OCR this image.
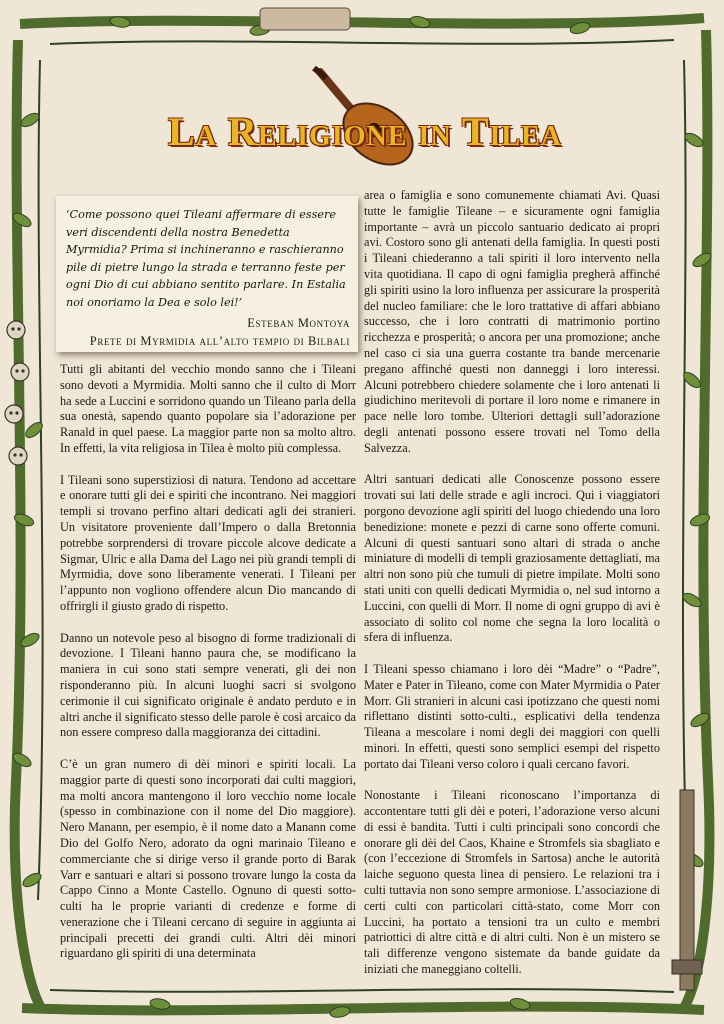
La Religione in Tilea

‘Come possono quei Tileani affermare di essere veri discendenti della nostra Benedetta Myrmidia? Prima si inchineranno e raschieranno pile di pietre lungo la strada e terranno feste per ogni Dio di cui abbiano sentito parlare. In Estalia noi onoriamo la Dea e solo lei!’

Esteban Montoya
Prete di Myrmidia all’alto tempio di Bilbali

Tutti gli abitanti del vecchio mondo sanno che i Tileani sono devoti a Myrmidia. Molti sanno che il culto di Morr ha sede a Luccini e sorridono quando un Tileano parla della sua onestà, sapendo quanto popolare sia l’adorazione per Ranald in quel paese. La maggior parte non sa molto altro. In effetti, la vita religiosa in Tilea è molto più complessa.

I Tileani sono superstiziosi di natura. Tendono ad accettare e onorare tutti gli dei e spiriti che incontrano. Nei maggiori templi si trovano perfino altari dedicati agli dei stranieri. Un visitatore proveniente dall’Impero o dalla Bretonnia potrebbe sorprendersi di trovare piccole alcove dedicate a Sigmar, Ulric e alla Dama del Lago nei più grandi templi di Myrmidia, dove sono liberamente venerati. I Tileani per l’appunto non vogliono offendere alcun Dio mancando di offrirgli il giusto grado di rispetto.

Danno un notevole peso al bisogno di forme tradizionali di devozione. I Tileani hanno paura che, se modificano la maniera in cui sono stati sempre venerati, gli dei non risponderanno più. In alcuni luoghi sacri si svolgono cerimonie il cui significato originale è andato perduto e in altri anche il significato stesso delle parole è così arcaico da non essere compreso dalla maggioranza dei cittadini.

C’è un gran numero di dèi minori e spiriti locali. La maggior parte di questi sono incorporati dai culti maggiori, ma molti ancora mantengono il loro vecchio nome locale (spesso in combinazione con il nome del Dio maggiore). Nero Manann, per esempio, è il nome dato a Manann come Dio del Golfo Nero, adorato da ogni marinaio Tileano e commerciante che si dirige verso il grande porto di Barak Varr e santuari e altari si possono trovare lungo la costa da Cappo Cinno a Monte Castello. Ognuno di questi sotto-culti ha le proprie varianti di credenze e forme di venerazione che i Tileani cercano di seguire in aggiunta ai principali precetti dei grandi culti. Altri dèi minori riguardano gli spiriti di una determinata

area o famiglia e sono comunemente chiamati Avi. Quasi tutte le famiglie Tileane – e sicuramente ogni famiglia importante – avrà un piccolo santuario dedicato ai propri avi. Costoro sono gli antenati della famiglia. In questi posti i Tileani chiederanno a tali spiriti il loro intervento nella vita quotidiana. Il capo di ogni famiglia pregherà affinché gli spiriti usino la loro influenza per assicurare la prosperità del nucleo familiare: che le loro trattative di affari abbiano successo, che i loro contratti di matrimonio portino ricchezza e prosperità; o ancora per una promozione; anche nel caso ci sia una guerra costante tra bande mercenarie pregano affinché questi non danneggi i loro interessi. Alcuni potrebbero chiedere solamente che i loro antenati li giudichino meritevoli di portare il loro nome e rimanere in pace nelle loro tombe. Ulteriori dettagli sull’adorazione degli antenati possono essere trovati nel Tomo della Salvezza.

Altri santuari dedicati alle Conoscenze possono essere trovati sui lati delle strade e agli incroci. Qui i viaggiatori porgono devozione agli spiriti del luogo chiedendo una loro benedizione: monete e pezzi di carne sono offerte comuni. Alcuni di questi santuari sono altari di strada o anche miniature di modelli di templi graziosamente dettagliati, ma altri non sono più che tumuli di pietre impilate. Molti sono stati uniti con quelli dedicati Myrmidia o, nel sud intorno a Luccini, con quelli di Morr. Il nome di ogni gruppo di avi è associato di solito col nome che segna la loro località o sfera di influenza.

I Tileani spesso chiamano i loro dèi “Madre” o “Padre”, Mater e Pater in Tileano, come con Mater Myrmidia o Pater Morr. Gli stranieri in alcuni casi ipotizzano che questi nomi riflettano distinti sotto-culti., esplicativi della tendenza Tileana a mescolare i nomi degli dei maggiori con quelli minori. In effetti, questi sono semplici esempi del rispetto portato dai Tileani verso coloro i quali cercano favori.

Nonostante i Tileani riconoscano l’importanza di accontentare tutti gli dèi e poteri, l’adorazione verso alcuni di essi è bandita. Tutti i culti principali sono concordi che onorare gli dèi del Caos, Khaine e Stromfels sia sbagliato e (con l’eccezione di Stromfels in Sartosa) anche le autorità laiche seguono questa linea di pensiero. Le relazioni tra i culti tuttavia non sono sempre armoniose. L’associazione di certi culti con particolari città-stato, come Morr con Luccini, ha portato a tensioni tra un culto e membri patriottici di altre città e di altri culti. Non è un mistero se tali differenze vengono sistemate da bande guidate da iniziati che maneggiano coltelli.
